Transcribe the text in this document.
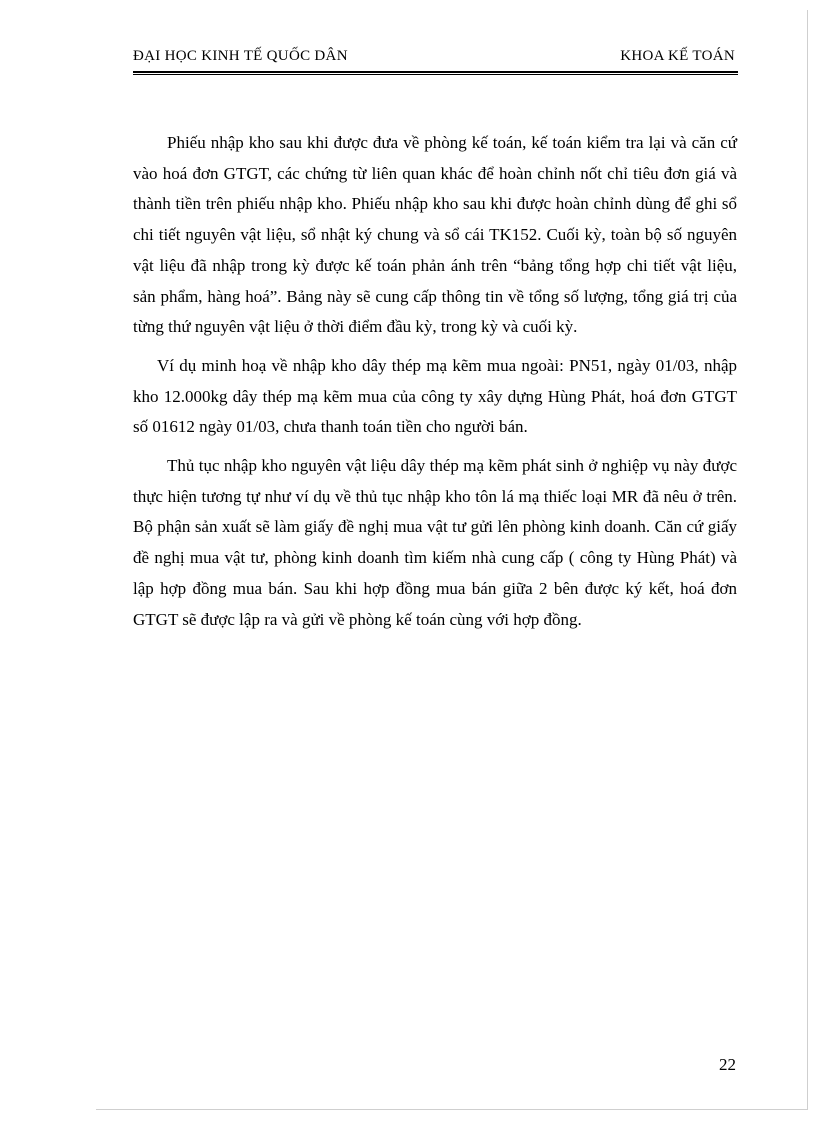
ĐẠI HỌC KINH TẾ QUỐC DÂN	KHOA KẾ TOÁN

Phiếu nhập kho sau khi được đưa về phòng kế toán, kế toán kiểm tra lại và căn cứ vào hoá đơn GTGT, các chứng từ liên quan khác để hoàn chỉnh nốt chỉ tiêu đơn giá và thành tiền trên phiếu nhập kho. Phiếu nhập kho sau khi được hoàn chỉnh dùng để ghi sổ chi tiết nguyên vật liệu, sổ nhật ký chung và sổ cái TK152. Cuối kỳ, toàn bộ số nguyên vật liệu đã nhập trong kỳ được kế toán phản ánh trên “bảng tổng hợp chi tiết vật liệu, sản phẩm, hàng hoá”. Bảng này sẽ cung cấp thông tin về tổng số lượng, tổng giá trị của từng thứ nguyên vật liệu ở thời điểm đầu kỳ, trong kỳ và cuối kỳ.

Ví dụ minh hoạ về nhập kho dây thép mạ kẽm mua ngoài: PN51, ngày 01/03, nhập kho 12.000kg dây thép mạ kẽm mua của công ty xây dựng Hùng Phát, hoá đơn GTGT số 01612 ngày 01/03, chưa thanh toán tiền cho người bán.

Thủ tục nhập kho nguyên vật liệu dây thép mạ kẽm phát sinh ở nghiệp vụ này được thực hiện tương tự như ví dụ về thủ tục nhập kho tôn lá mạ thiếc loại MR đã nêu ở trên. Bộ phận sản xuất sẽ làm giấy đề nghị mua vật tư gửi lên phòng kinh doanh. Căn cứ giấy đề nghị mua vật tư, phòng kinh doanh tìm kiếm nhà cung cấp ( công ty Hùng Phát) và lập hợp đồng mua bán. Sau khi hợp đồng mua bán giữa 2 bên được ký kết, hoá đơn GTGT sẽ được lập ra và gửi về phòng kế toán cùng với hợp đồng.

22
